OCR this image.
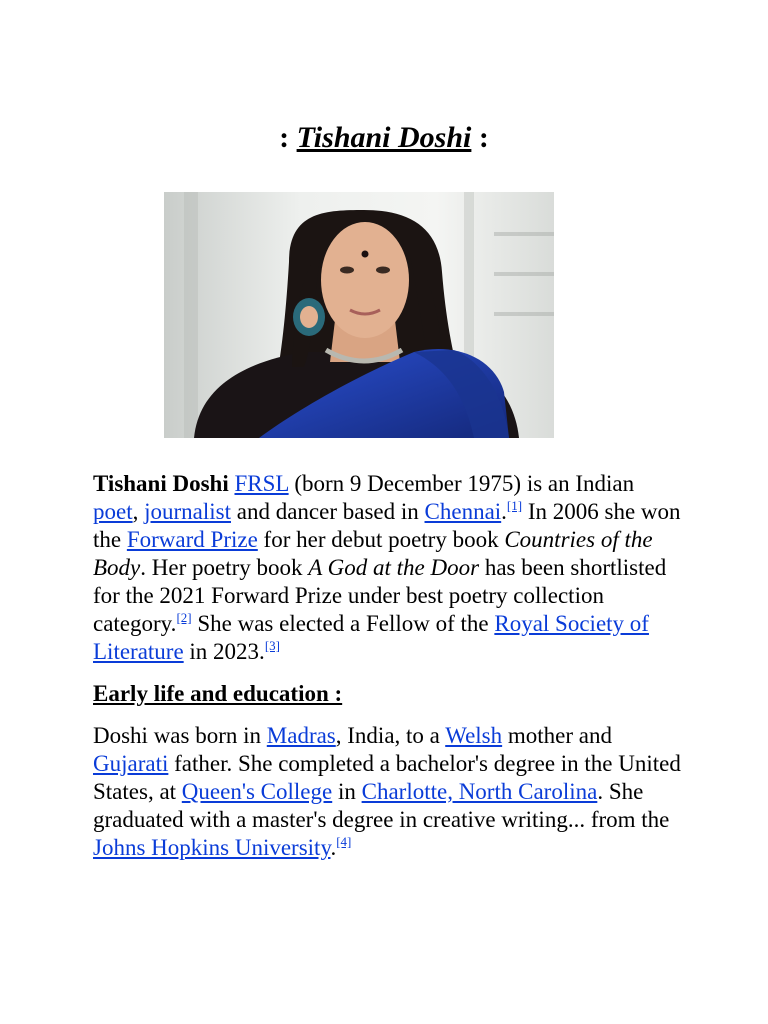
: Tishani Doshi :

Tishani Doshi FRSL (born 9 December 1975) is an Indian poet, journalist and dancer based in Chennai.[1] In 2006 she won the Forward Prize for her debut poetry book Countries of the Body. Her poetry book A God at the Door has been shortlisted for the 2021 Forward Prize under best poetry collection category.[2] She was elected a Fellow of the Royal Society of Literature in 2023.[3]

Early life and education :

Doshi was born in Madras, India, to a Welsh mother and Gujarati father. She completed a bachelor's degree in the United States, at Queen's College in Charlotte, North Carolina. She graduated with a master's degree in creative writing... from the Johns Hopkins University.[4]
